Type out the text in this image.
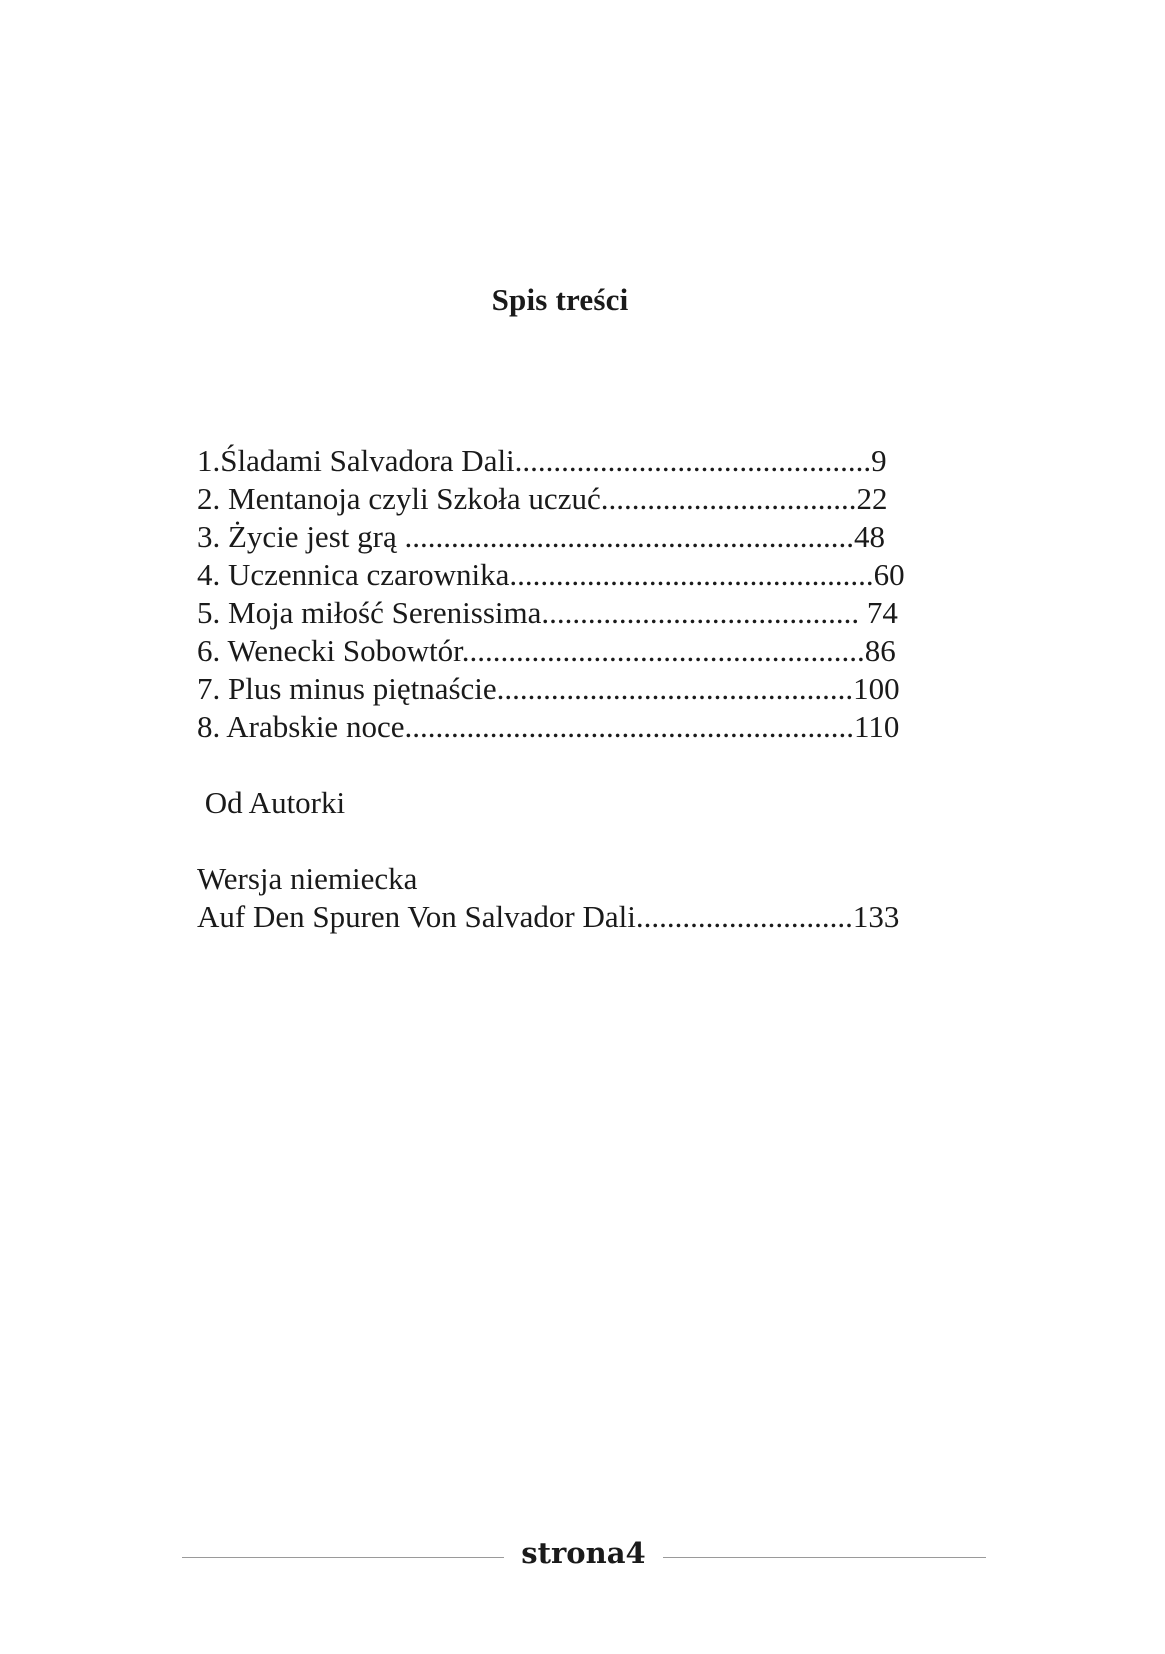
Spis treści
1.Śladami Salvadora Dali..............................................9
2. Mentanoja czyli Szkoła uczuć.................................22
3. Życie jest grą ..........................................................48
4. Uczennica czarownika...............................................60
5. Moja miłość Serenissima......................................... 74
6. Wenecki Sobowtór....................................................86
7. Plus minus piętnaście..............................................100
8. Arabskie noce..........................................................110
Od Autorki
Wersja niemiecka
Auf Den Spuren Von Salvador Dali............................133
strona4
